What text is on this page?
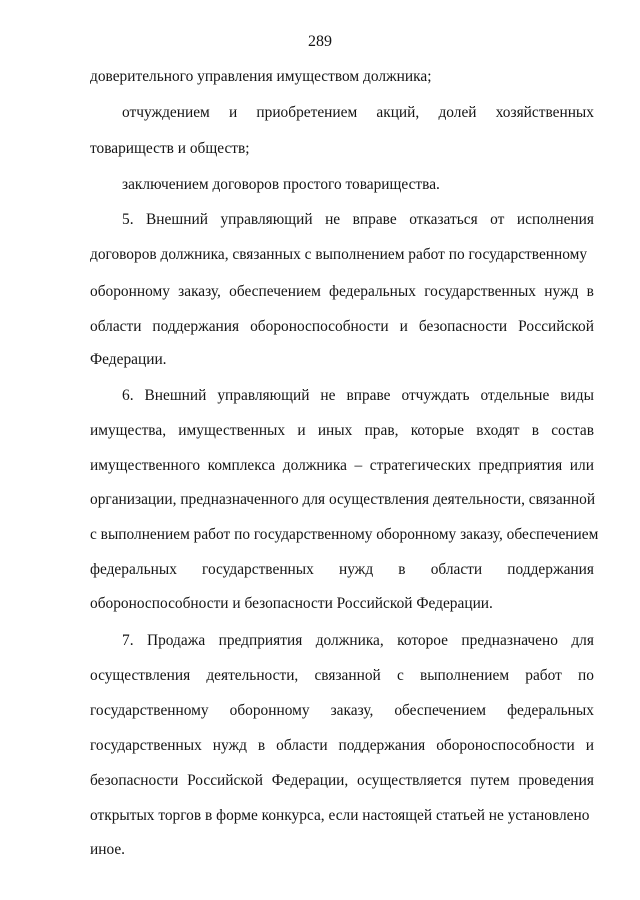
289
доверительного управления имуществом должника;
отчуждением и приобретением акций, долей хозяйственных
товариществ и обществ;
заключением договоров простого товарищества.
5. Внешний управляющий не вправе отказаться от исполнения
договоров должника, связанных с выполнением работ по государственному
оборонному заказу, обеспечением федеральных государственных нужд в
области поддержания обороноспособности и безопасности Российской
Федерации.
6. Внешний управляющий не вправе отчуждать отдельные виды
имущества, имущественных и иных прав, которые входят в состав
имущественного комплекса должника – стратегических предприятия или
организации, предназначенного для осуществления деятельности, связанной
с выполнением работ по государственному оборонному заказу, обеспечением
федеральных государственных нужд в области поддержания
обороноспособности и безопасности Российской Федерации.
7. Продажа предприятия должника, которое предназначено для
осуществления деятельности, связанной с выполнением работ по
государственному оборонному заказу, обеспечением федеральных
государственных нужд в области поддержания обороноспособности и
безопасности Российской Федерации, осуществляется путем проведения
открытых торгов в форме конкурса, если настоящей статьей не установлено
иное.
